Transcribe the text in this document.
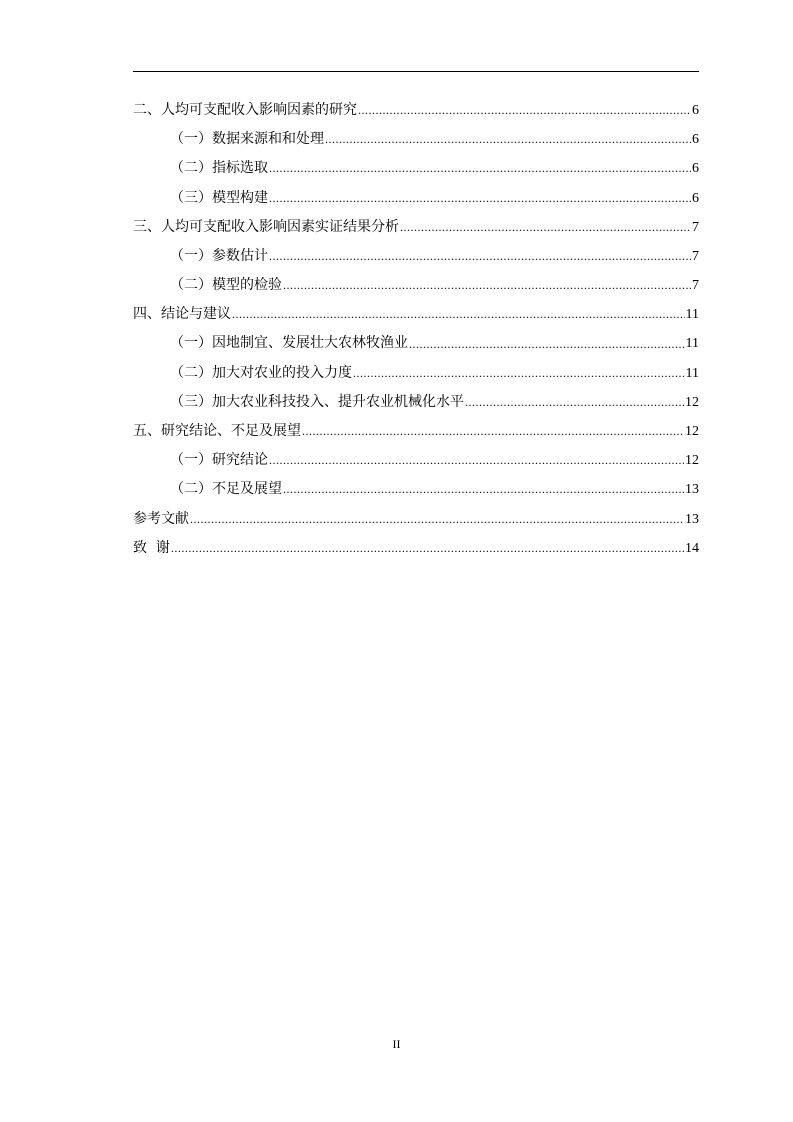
二、人均可支配收入影响因素的研究 .....	6
（一）数据来源和和处理 .....	6
（二）指标选取 .....	6
（三）模型构建 .....	6
三、人均可支配收入影响因素实证结果分析 .....	7
（一）参数估计 .....	7
（二）模型的检验 .....	7
四、结论与建议 .....	11
（一）因地制宜、发展壮大农林牧渔业 .....	11
（二）加大对农业的投入力度 .....	11
（三）加大农业科技投入、提升农业机械化水平 .....	12
五、研究结论、不足及展望 .....	12
（一）研究结论 .....	12
（二）不足及展望 .....	13
参考文献 .....	13
致  谢 .....	14
II
